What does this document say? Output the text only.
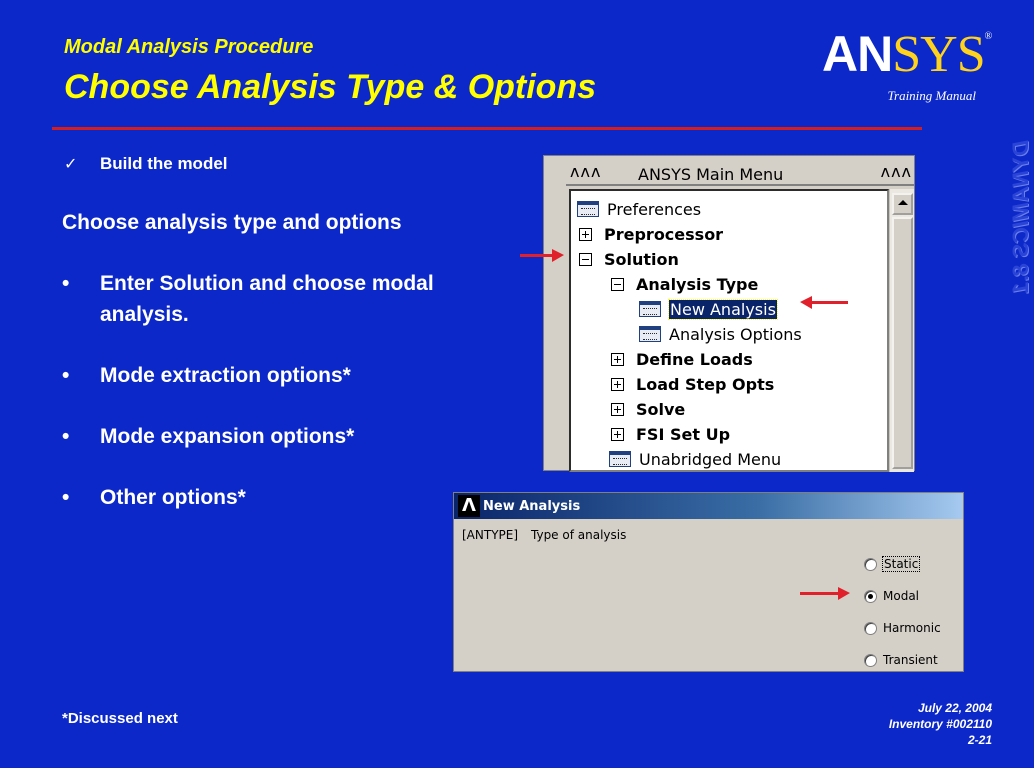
Modal Analysis Procedure
Choose Analysis Type & Options
ANSYS®
Training Manual
DYNAMICS 8.1
✓	Build the model
Choose analysis type and options
•	Enter Solution and choose modal analysis.
•	Mode extraction options*
•	Mode expansion options*
•	Other options*
ʌʌʌ ANSYS Main Menu	ʌʌʌ
Preferences
Preprocessor
Solution
Analysis Type
New Analysis
Analysis Options
Define Loads
Load Step Opts
Solve
FSI Set Up
Unabridged Menu
Λ New Analysis
[ANTYPE] Type of analysis
Static
Modal
Harmonic
Transient
*Discussed next
July 22, 2004
Inventory #002110
2-21
